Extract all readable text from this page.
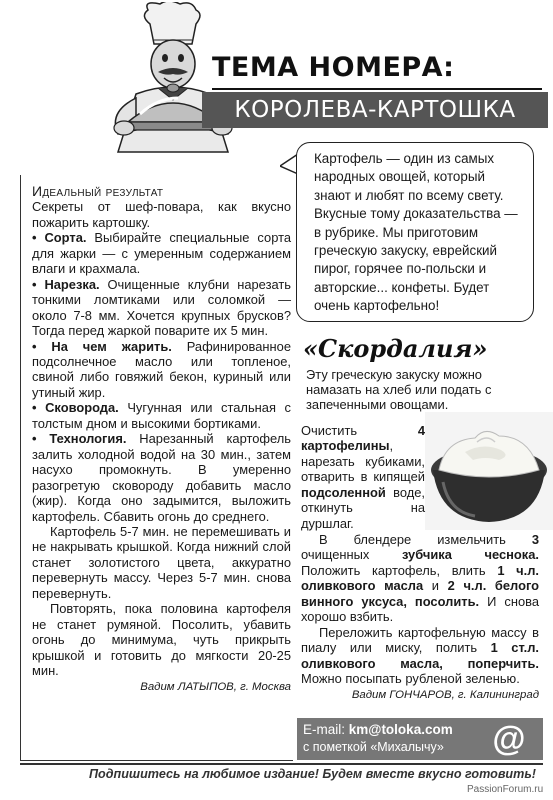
ТЕМА НОМЕРА:
КОРОЛЕВА-КАРТОШКА
Картофель — один из самых народных овощей, который знают и любят по всему свету. Вкусные тому доказательства — в рубрике. Мы приготовим греческую закуску, еврейский пирог, горячее по-польски и авторские... конфеты. Будет очень картофельно!

Идеальный результат

Секреты от шеф-повара, как вкусно пожарить картошку.

• Сорта. Выбирайте специальные сорта для жарки — с умеренным содержанием влаги и крахмала.

• Нарезка. Очищенные клубни нарезать тонкими ломтиками или соломкой — около 7-8 мм. Хочется крупных брусков? Тогда перед жаркой поварите их 5 мин.

• На чем жарить. Рафинированное подсолнечное масло или топленое, свиной либо говяжий бекон, куриный или утиный жир.

• Сковорода. Чугунная или стальная с толстым дном и высокими бортиками.

• Технология. Нарезанный картофель залить холодной водой на 30 мин., затем насухо промокнуть. В умеренно разогретую сковороду добавить масло (жир). Когда оно задымится, выложить картофель. Сбавить огонь до среднего.

Картофель 5-7 мин. не перемешивать и не накрывать крышкой. Когда нижний слой станет золотистого цвета, аккуратно перевернуть массу. Через 5-7 мин. снова перевернуть.

Повторять, пока половина картофеля не станет румяной. Посолить, убавить огонь до минимума, чуть прикрыть крышкой и готовить до мягкости 20-25 мин.

Вадим ЛАТЫПОВ, г. Москва

«Скордалия»
Эту греческую закуску можно намазать на хлеб или подать с запеченными овощами.

Очистить 4 картофелины, нарезать кубиками, отварить в кипящей подсоленной воде, откинуть на дуршлаг.

В блендере измельчить 3 очищенных зубчика чеснока. Положить картофель, влить 1 ч.л. оливкового масла и 2 ч.л. белого винного уксуса, посолить. И снова хорошо взбить.

Переложить картофельную массу в пиалу или миску, полить 1 ст.л. оливкового масла, поперчить. Можно посыпать рубленой зеленью.

Вадим ГОНЧАРОВ, г. Калининград

E-mail: km@toloka.com
с пометкой «Михалычу» @
Подпишитесь на любимое издание! Будем вместе вкусно готовить!
PassionForum.ru
